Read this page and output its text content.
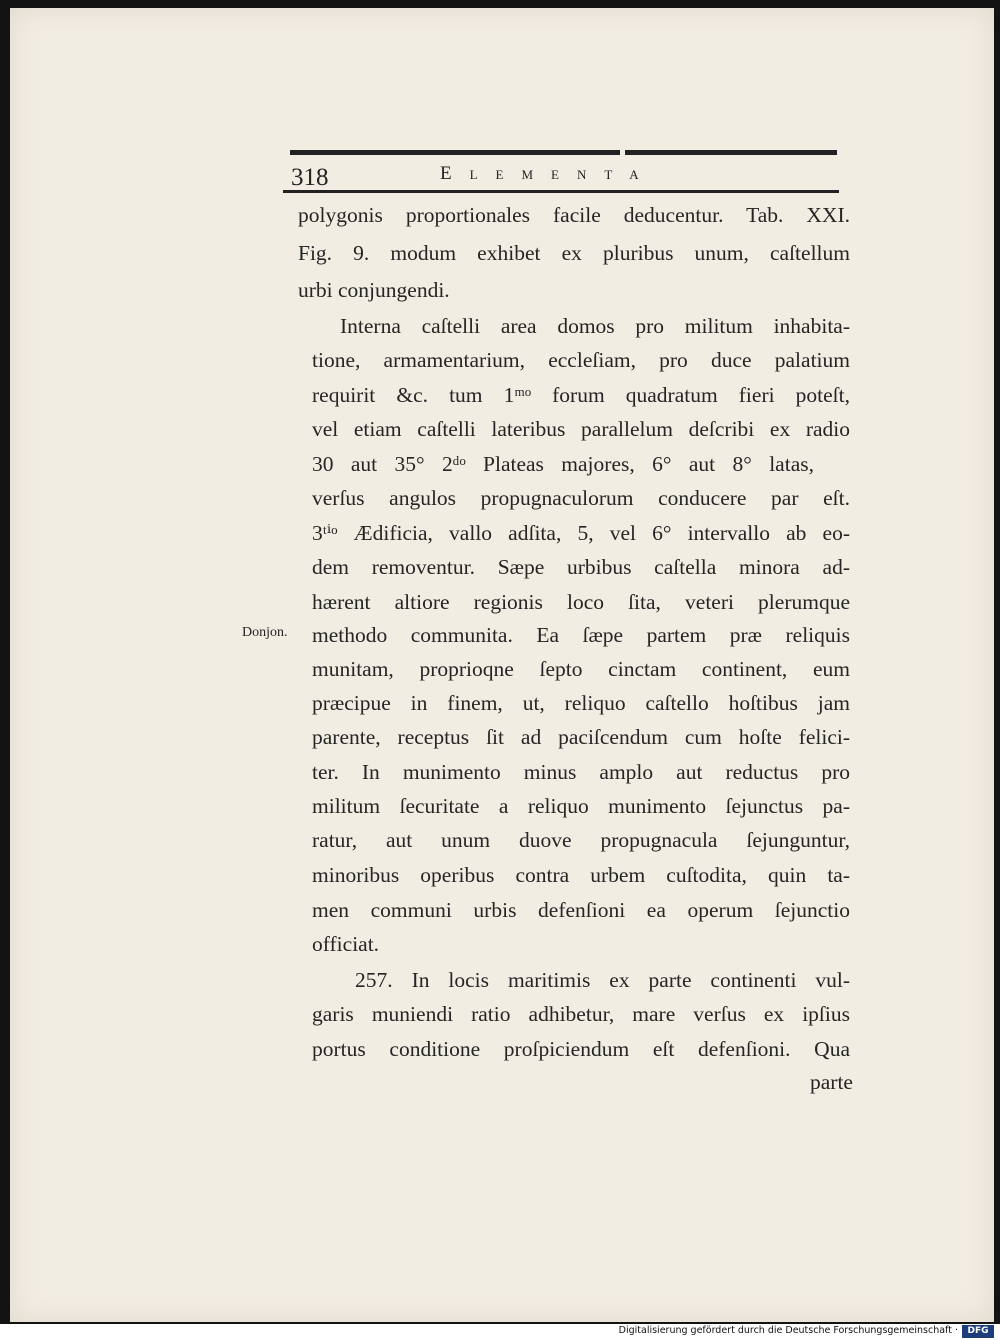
318	Elementa
Donjon.
polygonis proportionales facile deducentur. Tab. XXI.
Fig. 9. modum exhibet ex pluribus unum, caſtellum
urbi conjungendi.
Interna caſtelli area domos pro militum inhabita-
tione, armamentarium, eccleſiam, pro duce palatium
requirit &c. tum 1ᵐᵒ forum quadratum fieri poteſt,
vel etiam caſtelli lateribus parallelum deſcribi ex radio
30 aut 35° 2ᵈᵒ Plateas majores, 6° aut 8° latas,
verſus angulos propugnaculorum conducere par eſt.
3ᵗⁱᵒ Ædificia, vallo adſita, 5, vel 6° intervallo ab eo-
dem removentur. Sæpe urbibus caſtella minora ad-
hærent altiore regionis loco ſita, veteri plerumque
methodo communita. Ea ſæpe partem præ reliquis
munitam, proprioqne ſepto cinctam continent, eum
præcipue in finem, ut, reliquo caſtello hoſtibus jam
parente, receptus ſit ad paciſcendum cum hoſte felici-
ter. In munimento minus amplo aut reductus pro
militum ſecuritate a reliquo munimento ſejunctus pa-
ratur, aut unum duove propugnacula ſejunguntur,
minoribus operibus contra urbem cuſtodita, quin ta-
men communi urbis defenſioni ea operum ſejunctio
officiat.
257. In locis maritimis ex parte continenti vul-
garis muniendi ratio adhibetur, mare verſus ex ipſius
portus conditione proſpiciendum eſt defenſioni. Qua
parte
Digitalisierung gefördert durch die Deutsche Forschungsgemeinschaft ·	DFG
